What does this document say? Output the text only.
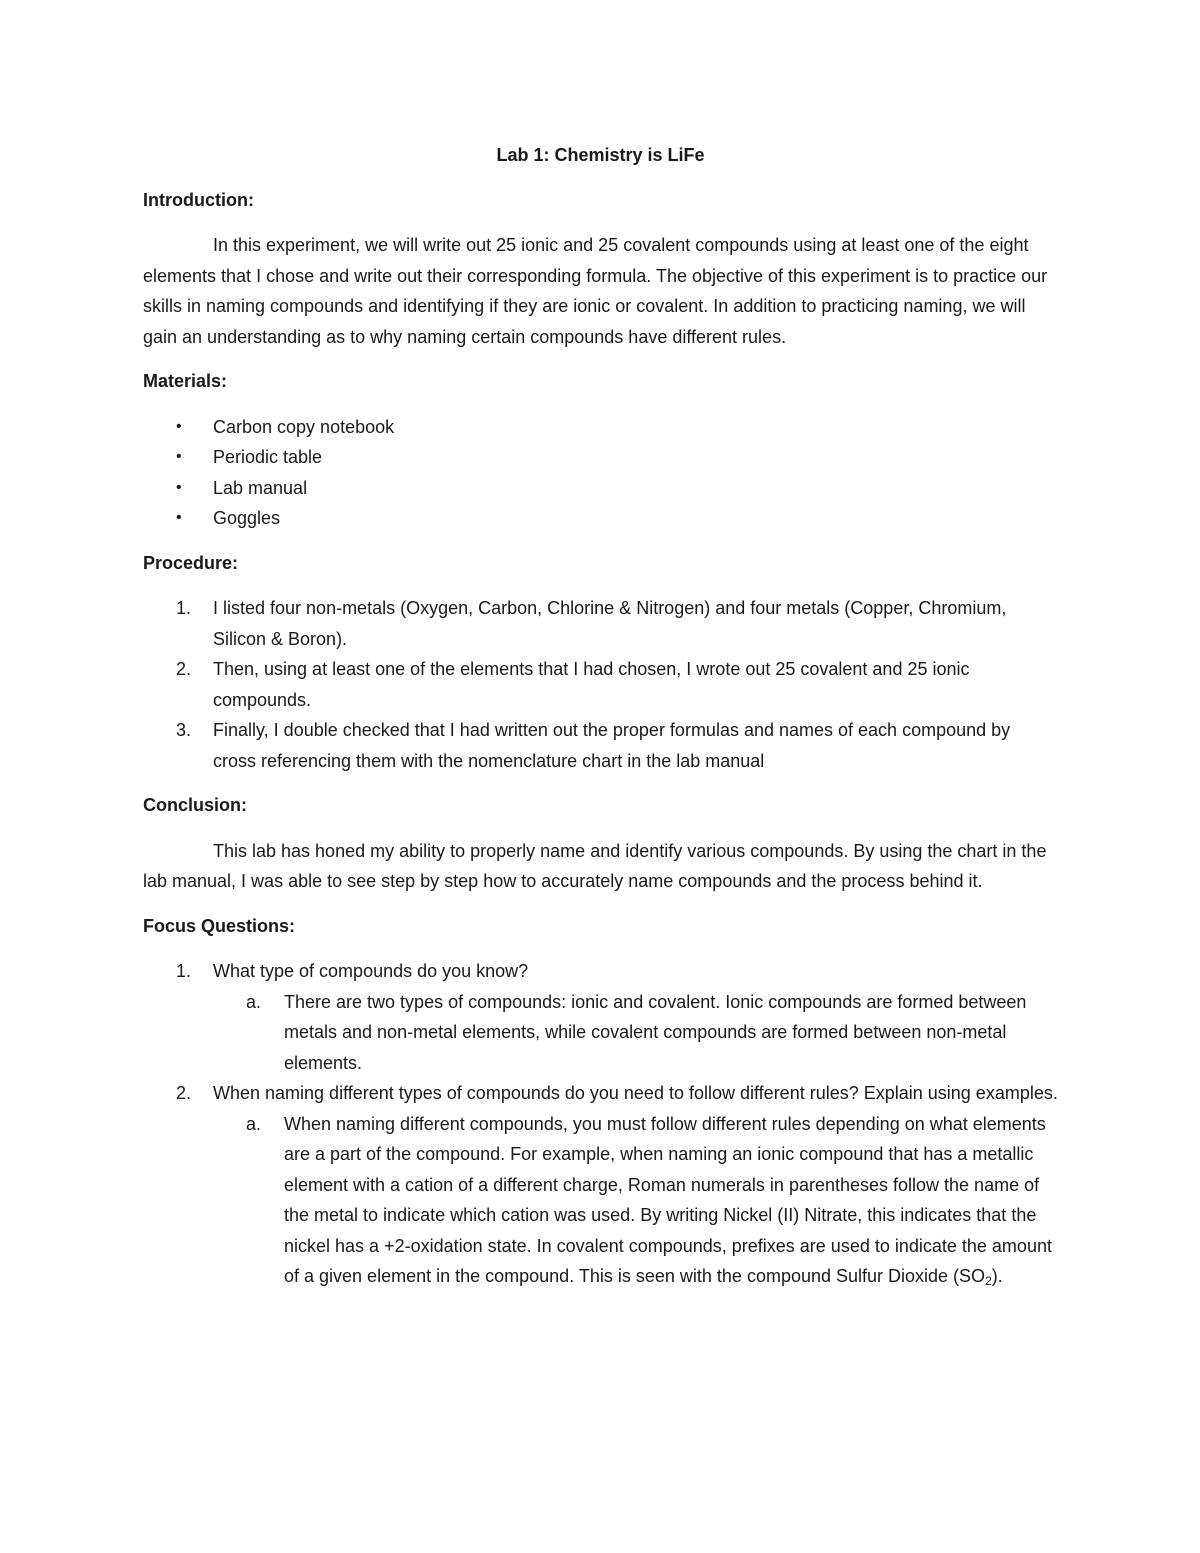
Lab 1: Chemistry is LiFe
Introduction:
In this experiment, we will write out 25 ionic and 25 covalent compounds using at least one of the eight elements that I chose and write out their corresponding formula. The objective of this experiment is to practice our skills in naming compounds and identifying if they are ionic or covalent. In addition to practicing naming, we will gain an understanding as to why naming certain compounds have different rules.
Materials:
• Carbon copy notebook
• Periodic table
• Lab manual
• Goggles
Procedure:
1. I listed four non-metals (Oxygen, Carbon, Chlorine & Nitrogen) and four metals (Copper, Chromium, Silicon & Boron).
2. Then, using at least one of the elements that I had chosen, I wrote out 25 covalent and 25 ionic compounds.
3. Finally, I double checked that I had written out the proper formulas and names of each compound by cross referencing them with the nomenclature chart in the lab manual
Conclusion:
This lab has honed my ability to properly name and identify various compounds. By using the chart in the lab manual, I was able to see step by step how to accurately name compounds and the process behind it.
Focus Questions:
1. What type of compounds do you know?
a. There are two types of compounds: ionic and covalent. Ionic compounds are formed between metals and non-metal elements, while covalent compounds are formed between non-metal elements.
2. When naming different types of compounds do you need to follow different rules? Explain using examples.
a. When naming different compounds, you must follow different rules depending on what elements are a part of the compound. For example, when naming an ionic compound that has a metallic element with a cation of a different charge, Roman numerals in parentheses follow the name of the metal to indicate which cation was used. By writing Nickel (II) Nitrate, this indicates that the nickel has a +2-oxidation state. In covalent compounds, prefixes are used to indicate the amount of a given element in the compound. This is seen with the compound Sulfur Dioxide $(SO_2)$.
